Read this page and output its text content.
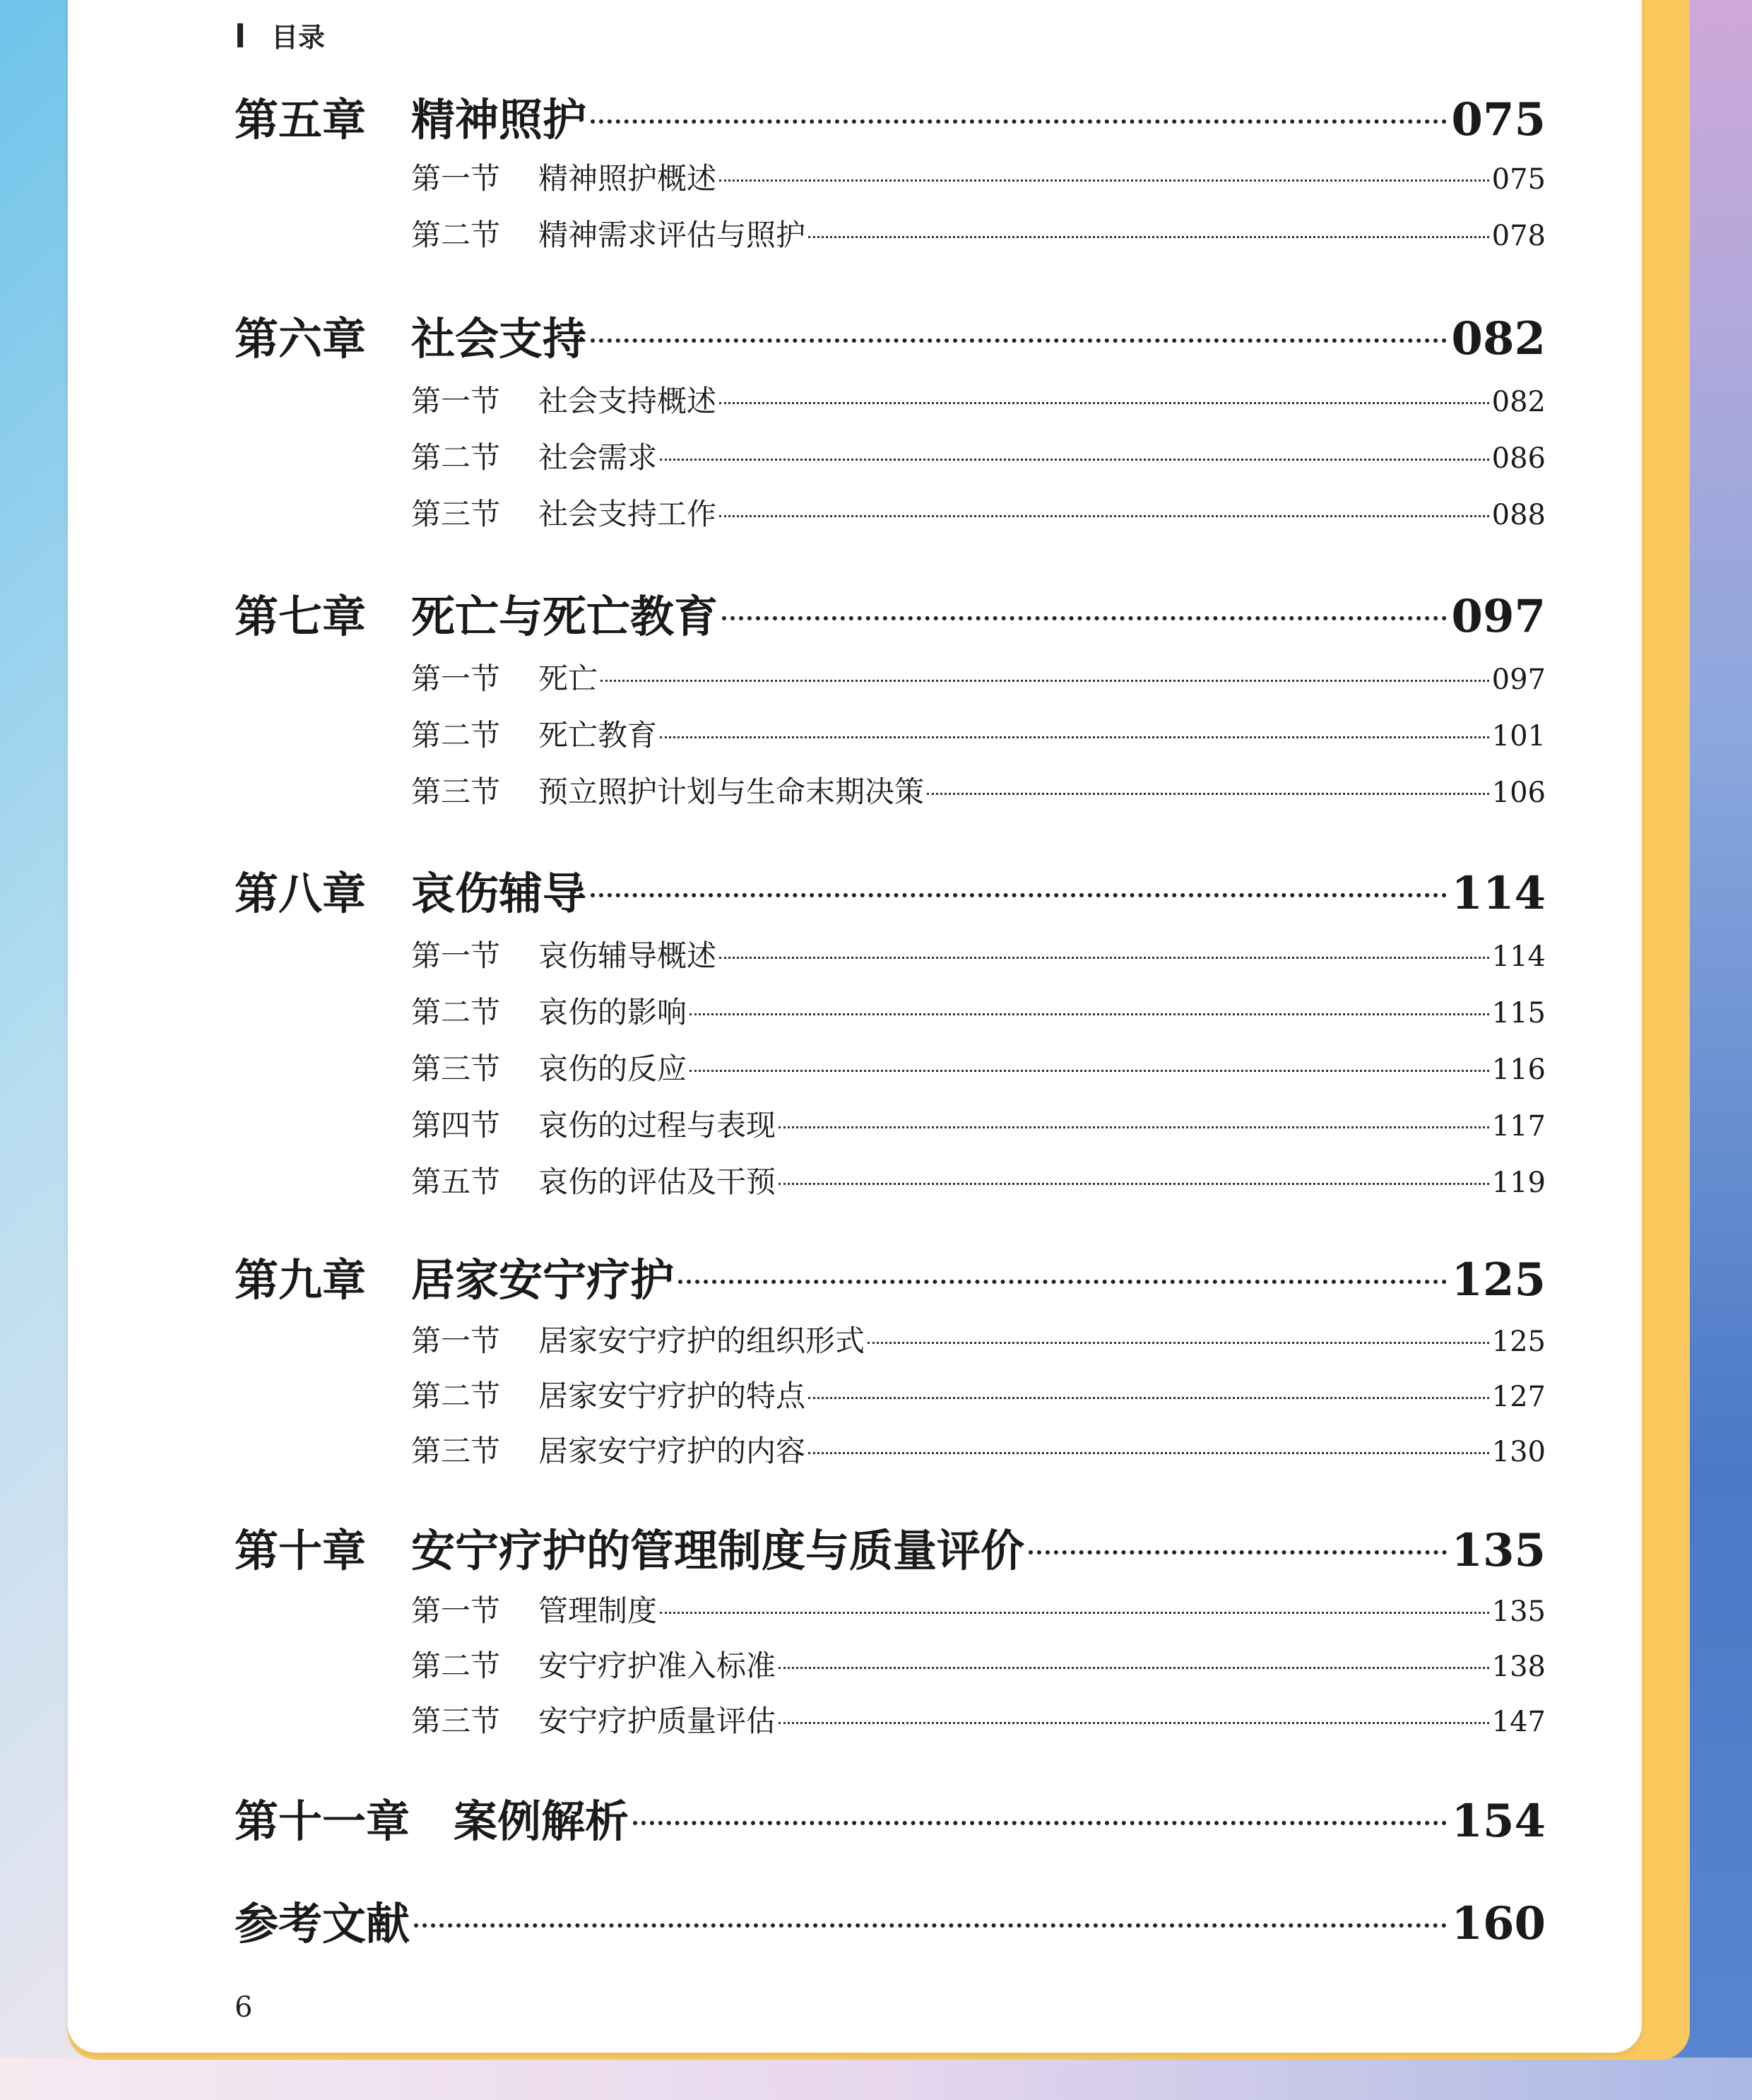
目录
第五章	精神照护	075
第一节	精神照护概述	075
第二节	精神需求评估与照护	078
第六章	社会支持	082
第一节	社会支持概述	082
第二节	社会需求	086
第三节	社会支持工作	088
第七章	死亡与死亡教育	097
第一节	死亡	097
第二节	死亡教育	101
第三节	预立照护计划与生命末期决策	106
第八章	哀伤辅导	114
第一节	哀伤辅导概述	114
第二节	哀伤的影响	115
第三节	哀伤的反应	116
第四节	哀伤的过程与表现	117
第五节	哀伤的评估及干预	119
第九章	居家安宁疗护	125
第一节	居家安宁疗护的组织形式	125
第二节	居家安宁疗护的特点	127
第三节	居家安宁疗护的内容	130
第十章	安宁疗护的管理制度与质量评价	135
第一节	管理制度	135
第二节	安宁疗护准入标准	138
第三节	安宁疗护质量评估	147
第十一章 案例解析	154
参考文献	160
6
